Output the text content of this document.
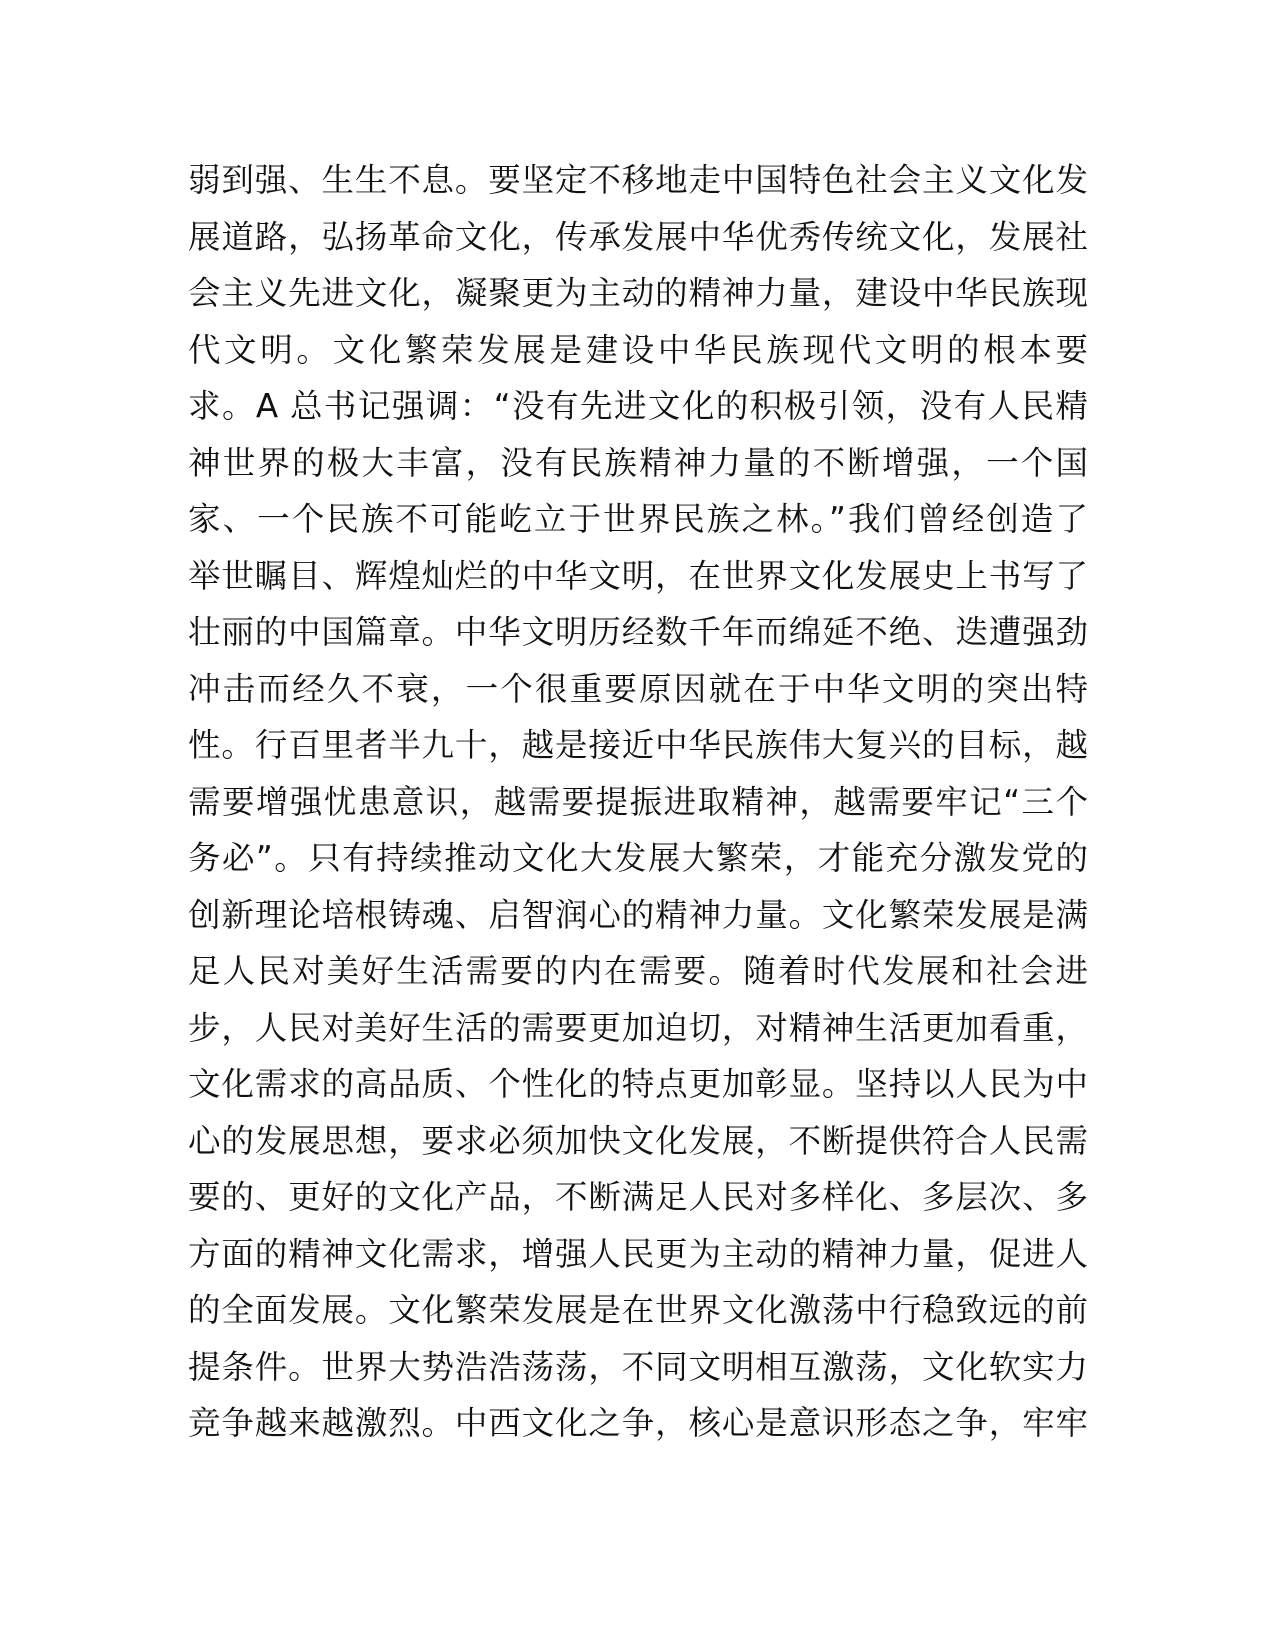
弱到强、生生不息。要坚定不移地走中国特色社会主义文化发
展道路，弘扬革命文化，传承发展中华优秀传统文化，发展社
会主义先进文化，凝聚更为主动的精神力量，建设中华民族现
代文明。文化繁荣发展是建设中华民族现代文明的根本要
求。A 总书记强调：“没有先进文化的积极引领，没有人民精
神世界的极大丰富，没有民族精神力量的不断增强，一个国
家、一个民族不可能屹立于世界民族之林。”我们曾经创造了
举世瞩目、辉煌灿烂的中华文明，在世界文化发展史上书写了
壮丽的中国篇章。中华文明历经数千年而绵延不绝、迭遭强劲
冲击而经久不衰，一个很重要原因就在于中华文明的突出特
性。行百里者半九十，越是接近中华民族伟大复兴的目标，越
需要增强忧患意识，越需要提振进取精神，越需要牢记“三个
务必”。只有持续推动文化大发展大繁荣，才能充分激发党的
创新理论培根铸魂、启智润心的精神力量。文化繁荣发展是满
足人民对美好生活需要的内在需要。随着时代发展和社会进
步，人民对美好生活的需要更加迫切，对精神生活更加看重，
文化需求的高品质、个性化的特点更加彰显。坚持以人民为中
心的发展思想，要求必须加快文化发展，不断提供符合人民需
要的、更好的文化产品，不断满足人民对多样化、多层次、多
方面的精神文化需求，增强人民更为主动的精神力量，促进人
的全面发展。文化繁荣发展是在世界文化激荡中行稳致远的前
提条件。世界大势浩浩荡荡，不同文明相互激荡，文化软实力
竞争越来越激烈。中西文化之争，核心是意识形态之争，牢牢
